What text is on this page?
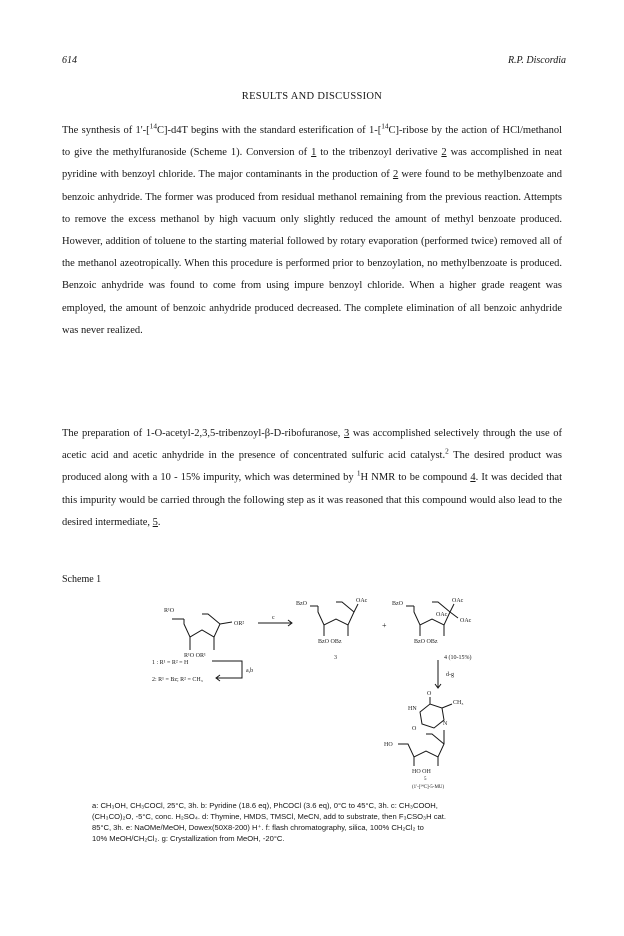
614	R.P. Discordia
RESULTS AND DISCUSSION

The synthesis of 1'-[$^{14}$C]-d4T begins with the standard esterification of 1-[$^{14}$C]-ribose by the action of HCl/methanol to give the methylfuranoside (Scheme 1). Conversion of 1 to the tribenzoyl derivative 2 was accomplished in neat pyridine with benzoyl chloride. The major contaminants in the production of 2 were found to be methylbenzoate and benzoic anhydride. The former was produced from residual methanol remaining from the previous reaction. Attempts to remove the excess methanol by high vacuum only slightly reduced the amount of methyl benzoate produced. However, addition of toluene to the starting material followed by rotary evaporation (performed twice) removed all of the methanol azeotropically. When this procedure is performed prior to benzoylation, no methylbenzoate is produced. Benzoic anhydride was found to come from using impure benzoyl chloride. When a higher grade reagent was employed, the amount of benzoic anhydride produced decreased. The complete elimination of all benzoic anhydride was never realized.

The preparation of 1-O-acetyl-2,3,5-tribenzoyl-β-D-ribofuranose, 3 was accomplished selectively through the use of acetic acid and acetic anhydride in the presence of concentrated sulfuric acid catalyst.$^2$ The desired product was produced along with a 10 - 15% impurity, which was determined by $^1$H NMR to be compound 4. It was decided that this impurity would be carried through the following step as it was reasoned that this compound would also lead to the desired intermediate, 5.

Scheme 1
R¹O
OR²
R¹O OR¹
1 : R¹ = R² = H
2: R¹ = Bz; R² = CH₃
a,b
c
BzO	OAc
BzO OBz
3
+
BzO	OAc
OAc
OAc
BzO OBz
4 (10-15%)
d-g
O
HN
CH₃
O
N
HO
HO OH
5
(1'-[¹⁴C]-5-MU)
a: CH₃OH, CH₃COCl, 25°C, 3h. b: Pyridine (18.6 eq), PhCOCl (3.6 eq), 0°C to 45°C, 3h. c: CH₃COOH,
(CH₃CO)₂O, -5°C, conc. H₂SO₄. d: Thymine, HMDS, TMSCl, MeCN, add to substrate, then F₃CSO₃H cat.
85°C, 3h. e: NaOMe/MeOH, Dowex(50X8-200) H⁺. f: flash chromatography, silica, 100% CH₂Cl₂ to
10% MeOH/CH₂Cl₂. g: Crystallization from MeOH, -20°C.
